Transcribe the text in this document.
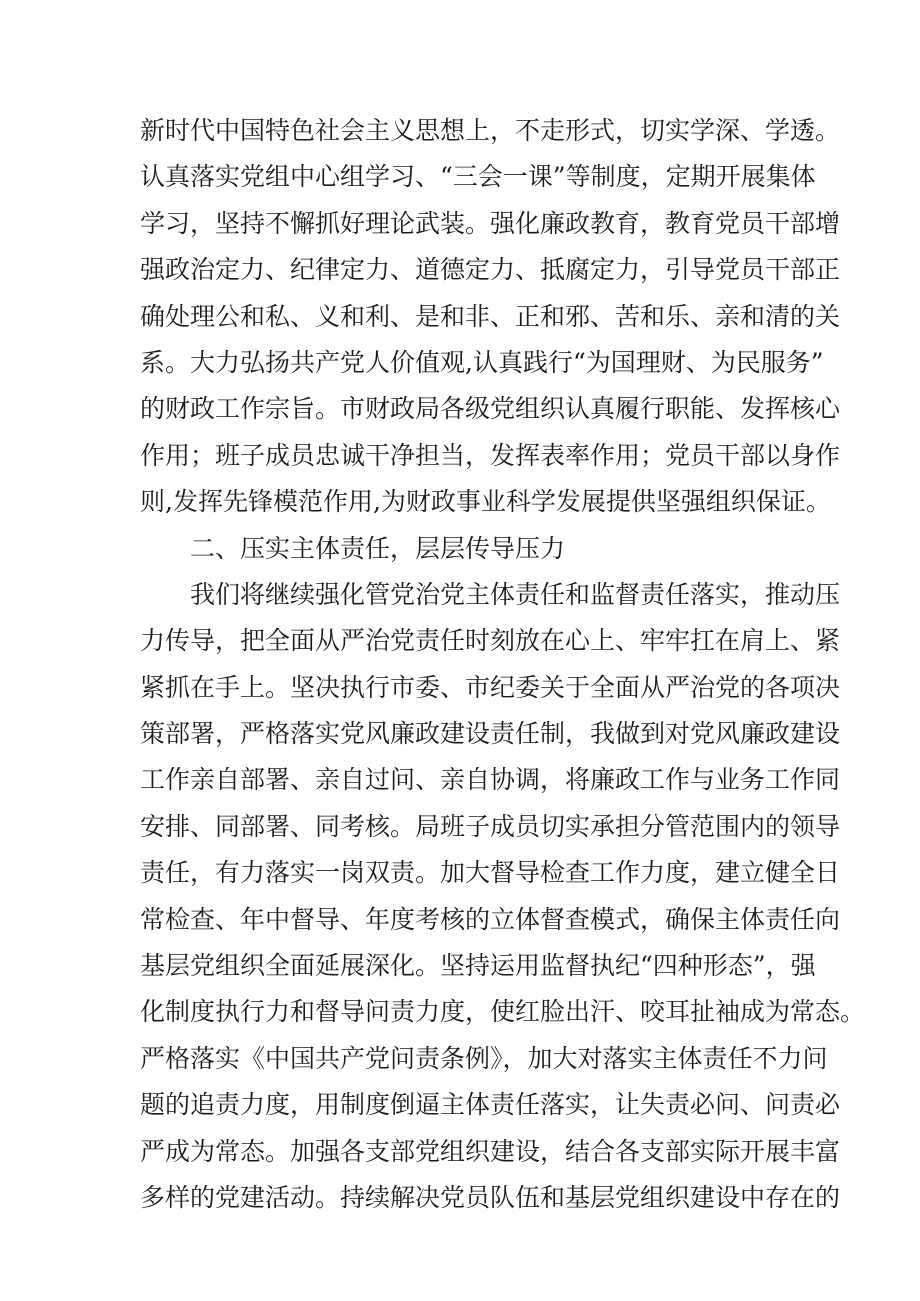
新时代中国特色社会主义思想上，不走形式，切实学深、学透。
认真落实党组中心组学习、“三会一课”等制度，定期开展集体
学习，坚持不懈抓好理论武装。强化廉政教育，教育党员干部增
强政治定力、纪律定力、道德定力、抵腐定力，引导党员干部正
确处理公和私、义和利、是和非、正和邪、苦和乐、亲和清的关
系。大力弘扬共产党人价值观,认真践行“为国理财、为民服务”
的财政工作宗旨。市财政局各级党组织认真履行职能、发挥核心
作用；班子成员忠诚干净担当，发挥表率作用；党员干部以身作
则,发挥先锋模范作用,为财政事业科学发展提供坚强组织保证。
二、压实主体责任，层层传导压力
我们将继续强化管党治党主体责任和监督责任落实，推动压
力传导，把全面从严治党责任时刻放在心上、牢牢扛在肩上、紧
紧抓在手上。坚决执行市委、市纪委关于全面从严治党的各项决
策部署，严格落实党风廉政建设责任制，我做到对党风廉政建设
工作亲自部署、亲自过问、亲自协调，将廉政工作与业务工作同
安排、同部署、同考核。局班子成员切实承担分管范围内的领导
责任，有力落实一岗双责。加大督导检查工作力度，建立健全日
常检查、年中督导、年度考核的立体督查模式，确保主体责任向
基层党组织全面延展深化。坚持运用监督执纪“四种形态”，强
化制度执行力和督导问责力度，使红脸出汗、咬耳扯袖成为常态。
严格落实《中国共产党问责条例》，加大对落实主体责任不力问
题的追责力度，用制度倒逼主体责任落实，让失责必问、问责必
严成为常态。加强各支部党组织建设，结合各支部实际开展丰富
多样的党建活动。持续解决党员队伍和基层党组织建设中存在的
